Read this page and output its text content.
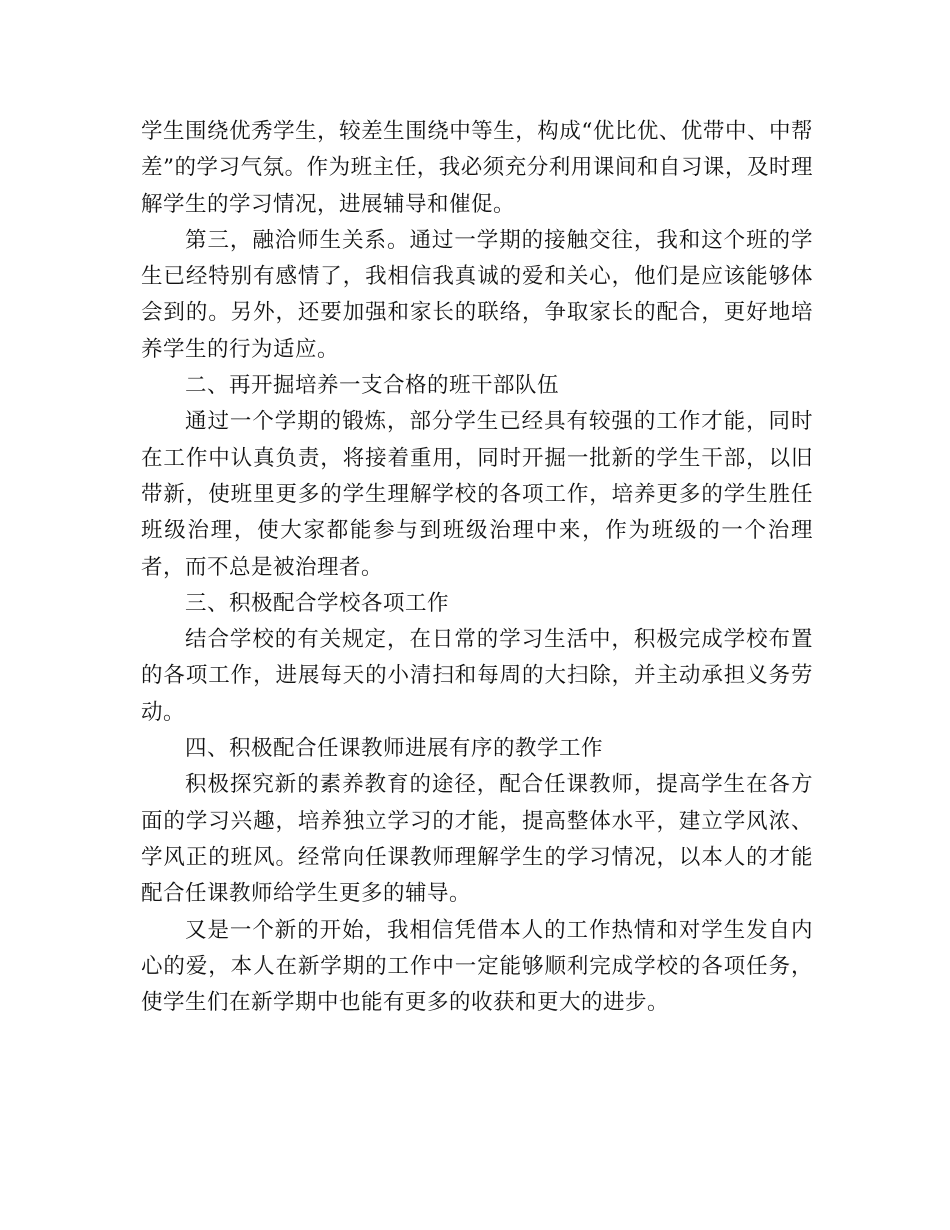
学生围绕优秀学生，较差生围绕中等生，构成“优比优、优带中、中帮差”的学习气氛。作为班主任，我必须充分利用课间和自习课，及时理解学生的学习情况，进展辅导和催促。

第三，融洽师生关系。通过一学期的接触交往，我和这个班的学生已经特别有感情了，我相信我真诚的爱和关心，他们是应该能够体会到的。另外，还要加强和家长的联络，争取家长的配合，更好地培养学生的行为适应。

二、再开掘培养一支合格的班干部队伍

通过一个学期的锻炼，部分学生已经具有较强的工作才能，同时在工作中认真负责，将接着重用，同时开掘一批新的学生干部，以旧带新，使班里更多的学生理解学校的各项工作，培养更多的学生胜任班级治理，使大家都能参与到班级治理中来，作为班级的一个治理者，而不总是被治理者。

三、积极配合学校各项工作

结合学校的有关规定，在日常的学习生活中，积极完成学校布置的各项工作，进展每天的小清扫和每周的大扫除，并主动承担义务劳动。

四、积极配合任课教师进展有序的教学工作

积极探究新的素养教育的途径，配合任课教师，提高学生在各方面的学习兴趣，培养独立学习的才能，提高整体水平，建立学风浓、学风正的班风。经常向任课教师理解学生的学习情况，以本人的才能配合任课教师给学生更多的辅导。

又是一个新的开始，我相信凭借本人的工作热情和对学生发自内心的爱，本人在新学期的工作中一定能够顺利完成学校的各项任务，使学生们在新学期中也能有更多的收获和更大的进步。
